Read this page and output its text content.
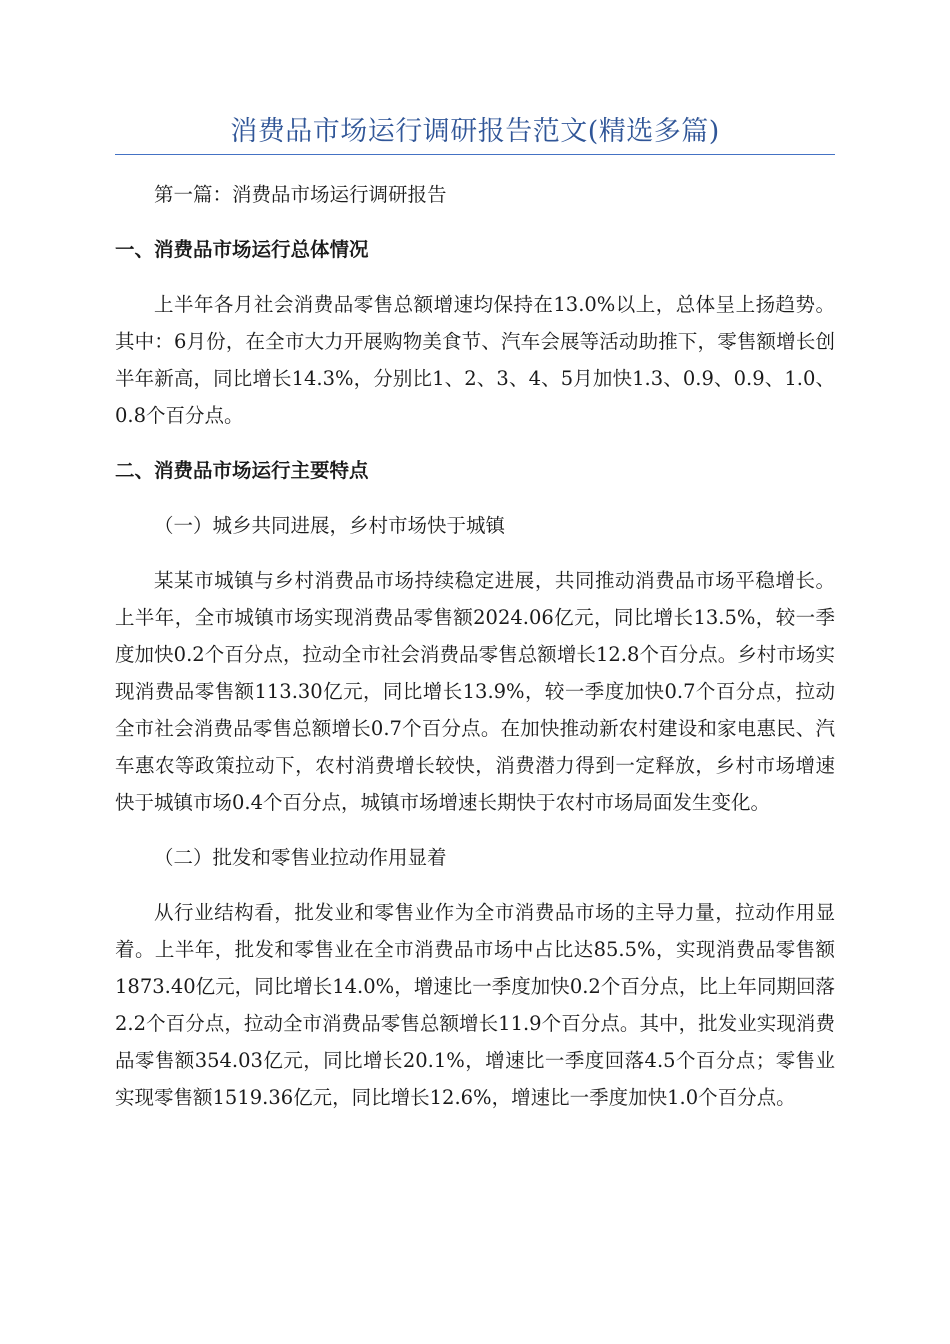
消费品市场运行调研报告范文(精选多篇)

第一篇：消费品市场运行调研报告

一、消费品市场运行总体情况

上半年各月社会消费品零售总额增速均保持在13.0%以上，总体呈上扬趋势。其中：6月份，在全市大力开展购物美食节、汽车会展等活动助推下，零售额增长创半年新高，同比增长14.3%，分别比1、2、3、4、5月加快1.3、0.9、0.9、1.0、0.8个百分点。

二、消费品市场运行主要特点

（一）城乡共同进展，乡村市场快于城镇

某某市城镇与乡村消费品市场持续稳定进展，共同推动消费品市场平稳增长。上半年，全市城镇市场实现消费品零售额2024.06亿元，同比增长13.5%，较一季度加快0.2个百分点，拉动全市社会消费品零售总额增长12.8个百分点。乡村市场实现消费品零售额113.30亿元，同比增长13.9%，较一季度加快0.7个百分点，拉动全市社会消费品零售总额增长0.7个百分点。在加快推动新农村建设和家电惠民、汽车惠农等政策拉动下，农村消费增长较快，消费潜力得到一定释放，乡村市场增速快于城镇市场0.4个百分点，城镇市场增速长期快于农村市场局面发生变化。

（二）批发和零售业拉动作用显着

从行业结构看，批发业和零售业作为全市消费品市场的主导力量，拉动作用显着。上半年，批发和零售业在全市消费品市场中占比达85.5%，实现消费品零售额1873.40亿元，同比增长14.0%，增速比一季度加快0.2个百分点，比上年同期回落2.2个百分点，拉动全市消费品零售总额增长11.9个百分点。其中，批发业实现消费品零售额354.03亿元，同比增长20.1%，增速比一季度回落4.5个百分点；零售业实现零售额1519.36亿元，同比增长12.6%，增速比一季度加快1.0个百分点。
